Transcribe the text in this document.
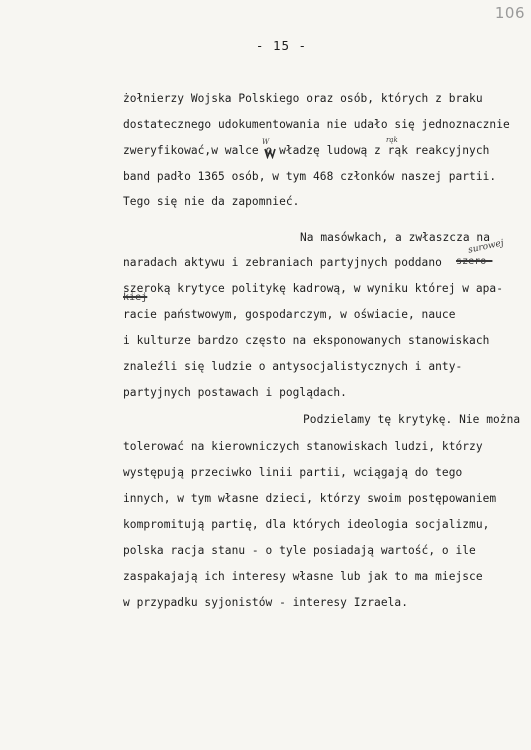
106
- 15 -
żołnierzy Wojska Polskiego oraz osób, których z braku
dostatecznego udokumentowania nie udało się jednoznacznie
zweryfikować,w walce o władzę ludową z rąk reakcyjnych
band padło 1365 osób, w tym 468 członków naszej partii.
Tego się nie da zapomnieć.
Na masówkach, a zwłaszcza na
naradach aktywu i zebraniach partyjnych poddano
szeroką krytyce politykę kadrową, w wyniku której w apa-
racie państwowym, gospodarczym, w oświacie, nauce
i kulturze bardzo często na eksponowanych stanowiskach
znaleźli się ludzie o antysocjalistycznych i anty-
partyjnych postawach i poglądach.
Podzielamy tę krytykę. Nie można
tolerować na kierowniczych stanowiskach ludzi, którzy
występują przeciwko linii partii, wciągają do tego
innych, w tym własne dzieci, którzy swoim postępowaniem
kompromitują partię, dla których ideologia socjalizmu,
polska racja stanu - o tyle posiadają wartość, o ile
zaspakajają ich interesy własne lub jak to ma miejsce
w przypadku syjonistów - interesy Izraela.
szero-
kiej
surowej
W	rąk
